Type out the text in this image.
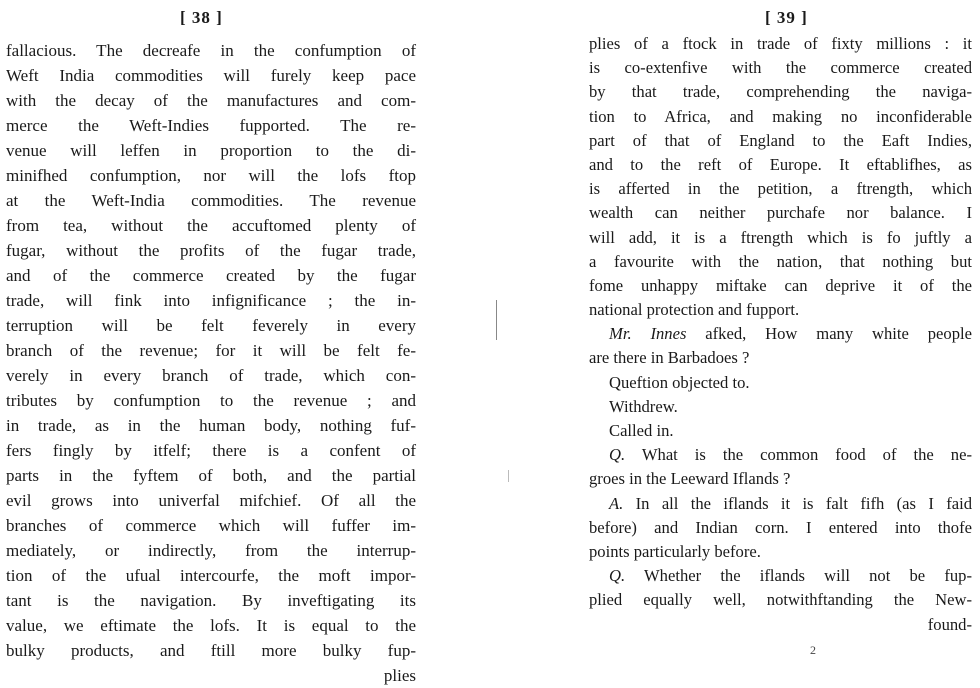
[ 38 ]
fallacious. The decreafe in the confumption of
Weft India commodities will furely keep pace
with the decay of the manufactures and com-
merce the Weft-Indies fupported. The re-
venue will leffen in proportion to the di-
minifhed confumption, nor will the lofs ftop
at the Weft-India commodities. The revenue
from tea, without the accuftomed plenty of
fugar, without the profits of the fugar trade,
and of the commerce created by the fugar
trade, will fink into infignificance ; the in-
terruption will be felt feverely in every
branch of the revenue; for it will be felt fe-
verely in every branch of trade, which con-
tributes by confumption to the revenue ; and
in trade, as in the human body, nothing fuf-
fers fingly by itfelf; there is a confent of
parts in the fyftem of both, and the partial
evil grows into univerfal mifchief. Of all the
branches of commerce which will fuffer im-
mediately, or indirectly, from the interrup-
tion of the ufual intercourfe, the moft impor-
tant is the navigation. By inveftigating its
value, we eftimate the lofs. It is equal to the
bulky products, and ftill more bulky fup-
plies
[ 39 ]
plies of a ftock in trade of fixty millions : it
is co-extenfive with the commerce created
by that trade, comprehending the naviga-
tion to Africa, and making no inconfiderable
part of that of England to the Eaft Indies,
and to the reft of Europe. It eftablifhes, as
is afferted in the petition, a ftrength, which
wealth can neither purchafe nor balance. I
will add, it is a ftrength which is fo juftly a
a favourite with the nation, that nothing but
fome unhappy miftake can deprive it of the
national protection and fupport.
Mr. Innes afked, How many white people
are there in Barbadoes ?
Queftion objected to.
Withdrew.
Called in.
Q. What is the common food of the ne-
groes in the Leeward Iflands ?
A. In all the iflands it is falt fifh (as I faid
before) and Indian corn. I entered into thofe
points particularly before.
Q. Whether the iflands will not be fup-
plied equally well, notwithftanding the New-
found-
2
